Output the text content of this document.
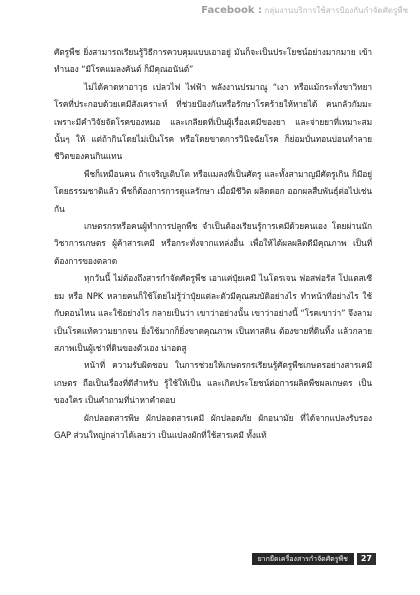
Facebook : กลุ่มงานบริการใช้สารป้องกันกำจัดศัตรูพืช

ศัตรูพืช ยิ่งสามารถเรียนรู้วิธีการควบคุมแบบเอาอยู่ มันก็จะเป็นประโยชน์อย่างมากมาย เข้าทำนอง “มีโรคแมลงคันต์ ก็มีคุณอนันต์”

ไม่ได้คาดหาอาวุธ เปลวไฟ ไฟฟ้า พลังงานปรมาณู “เงา หรือแม้กระทั่งขาวิทยาโรคที่ประกอบด้วยเคมีสังเคราะห์ ที่ช่วยป้องกันหรือรักษาโรคร้ายให้หายได้ คนกลัวกัมมะ เพราะมีคำวิจัยจัดโรคของหมอ และเกลียดที่เป็นผู้เรื่องเคมีของยา และจ่ายยาที่เหมาะสมนั้นๆ ให้ แต่ถ้ากินโดยไม่เป็นโรค หรือโดยขาดการวินิจฉัยโรค ก็ย่อมบั่นทอนบ่อนทำลายชีวิตของคนกินแทน

พืชก็เหมือนคน ถ้าเจริญเติบโต หรือแมลงที่เป็นศัตรู และทั้งสามาญมีศัตรูเกิน ก็มีอยู่โดยธรรมชาติแล้ว พืชก็ต้องการการดูแลรักษา เมื่อมีชีวิต ผลิตดอก ออกผลสืบพันธุ์ต่อไปเช่นกัน

เกษตรกรหรือคนผู้ทำการปลูกพืช จำเป็นต้องเรียนรู้การเคมีด้วยคนเอง โดยผ่านนักวิชาการเกษตร ผู้ค้าสารเคมี หรือกระทั่งจากแหล่งอื่น เพื่อให้ได้ผลผลิตดีมีคุณภาพ เป็นที่ต้องการของตลาด

ทุกวันนี้ ไม่ต้องถึงสารกำจัดศัตรูพืช เอาแค่ปุ๋ยเคมี ไนโตรเจน ฟอสฟอรัส โปแตสเซียม หรือ NPK หลายคนก็ใช้โดยไม่รู้ว่าปุ๋ยแต่ละตัวมีคุณสมบัติอย่างไร ทำหน้าที่อย่างไร ใช้กับตอนไหน และใช้อย่างไร กลายเป็นว่า เขาว่าอย่างนั้น เขาว่าอย่างนี้ “โรคเขาว่า” จึงลามเป็นโรคแท้ความยากจน ยิ่งใช้มากก็ยิ่งขาดคุณภาพ เป็นทาสดิน ต้องขายที่ดินทิ้ง แล้วกลายสภาพเป็นผู้เช่าที่ดินของตัวเอง น่าอดสู

หน้าที่ ความรับผิดชอบ ในการช่วยให้เกษตรกรเรียนรู้ศัตรูพืชเกษตรอย่างสารเคมีเกษตร ถือเป็นเรื่องที่ดีสำหรับ รู้ใช้ให้เป็น และเกิดประโยชน์ต่อการผลิตพืชผลเกษตร เป็นของใคร เป็นคำถามที่น่าหาคำตอบ

ผักปลอดสารพิษ ผักปลอดสารเคมี ผักปลอดภัย ผักอนามัย ที่ได้จากแปลงรับรอง GAP ส่วนใหญ่กล่าวได้เลยว่า เป็นแปลงผักที่ใช้สารเคมี ทั้งแท้

ยากยืดเครื่องสารกำจัดศัตรูพืช	27
